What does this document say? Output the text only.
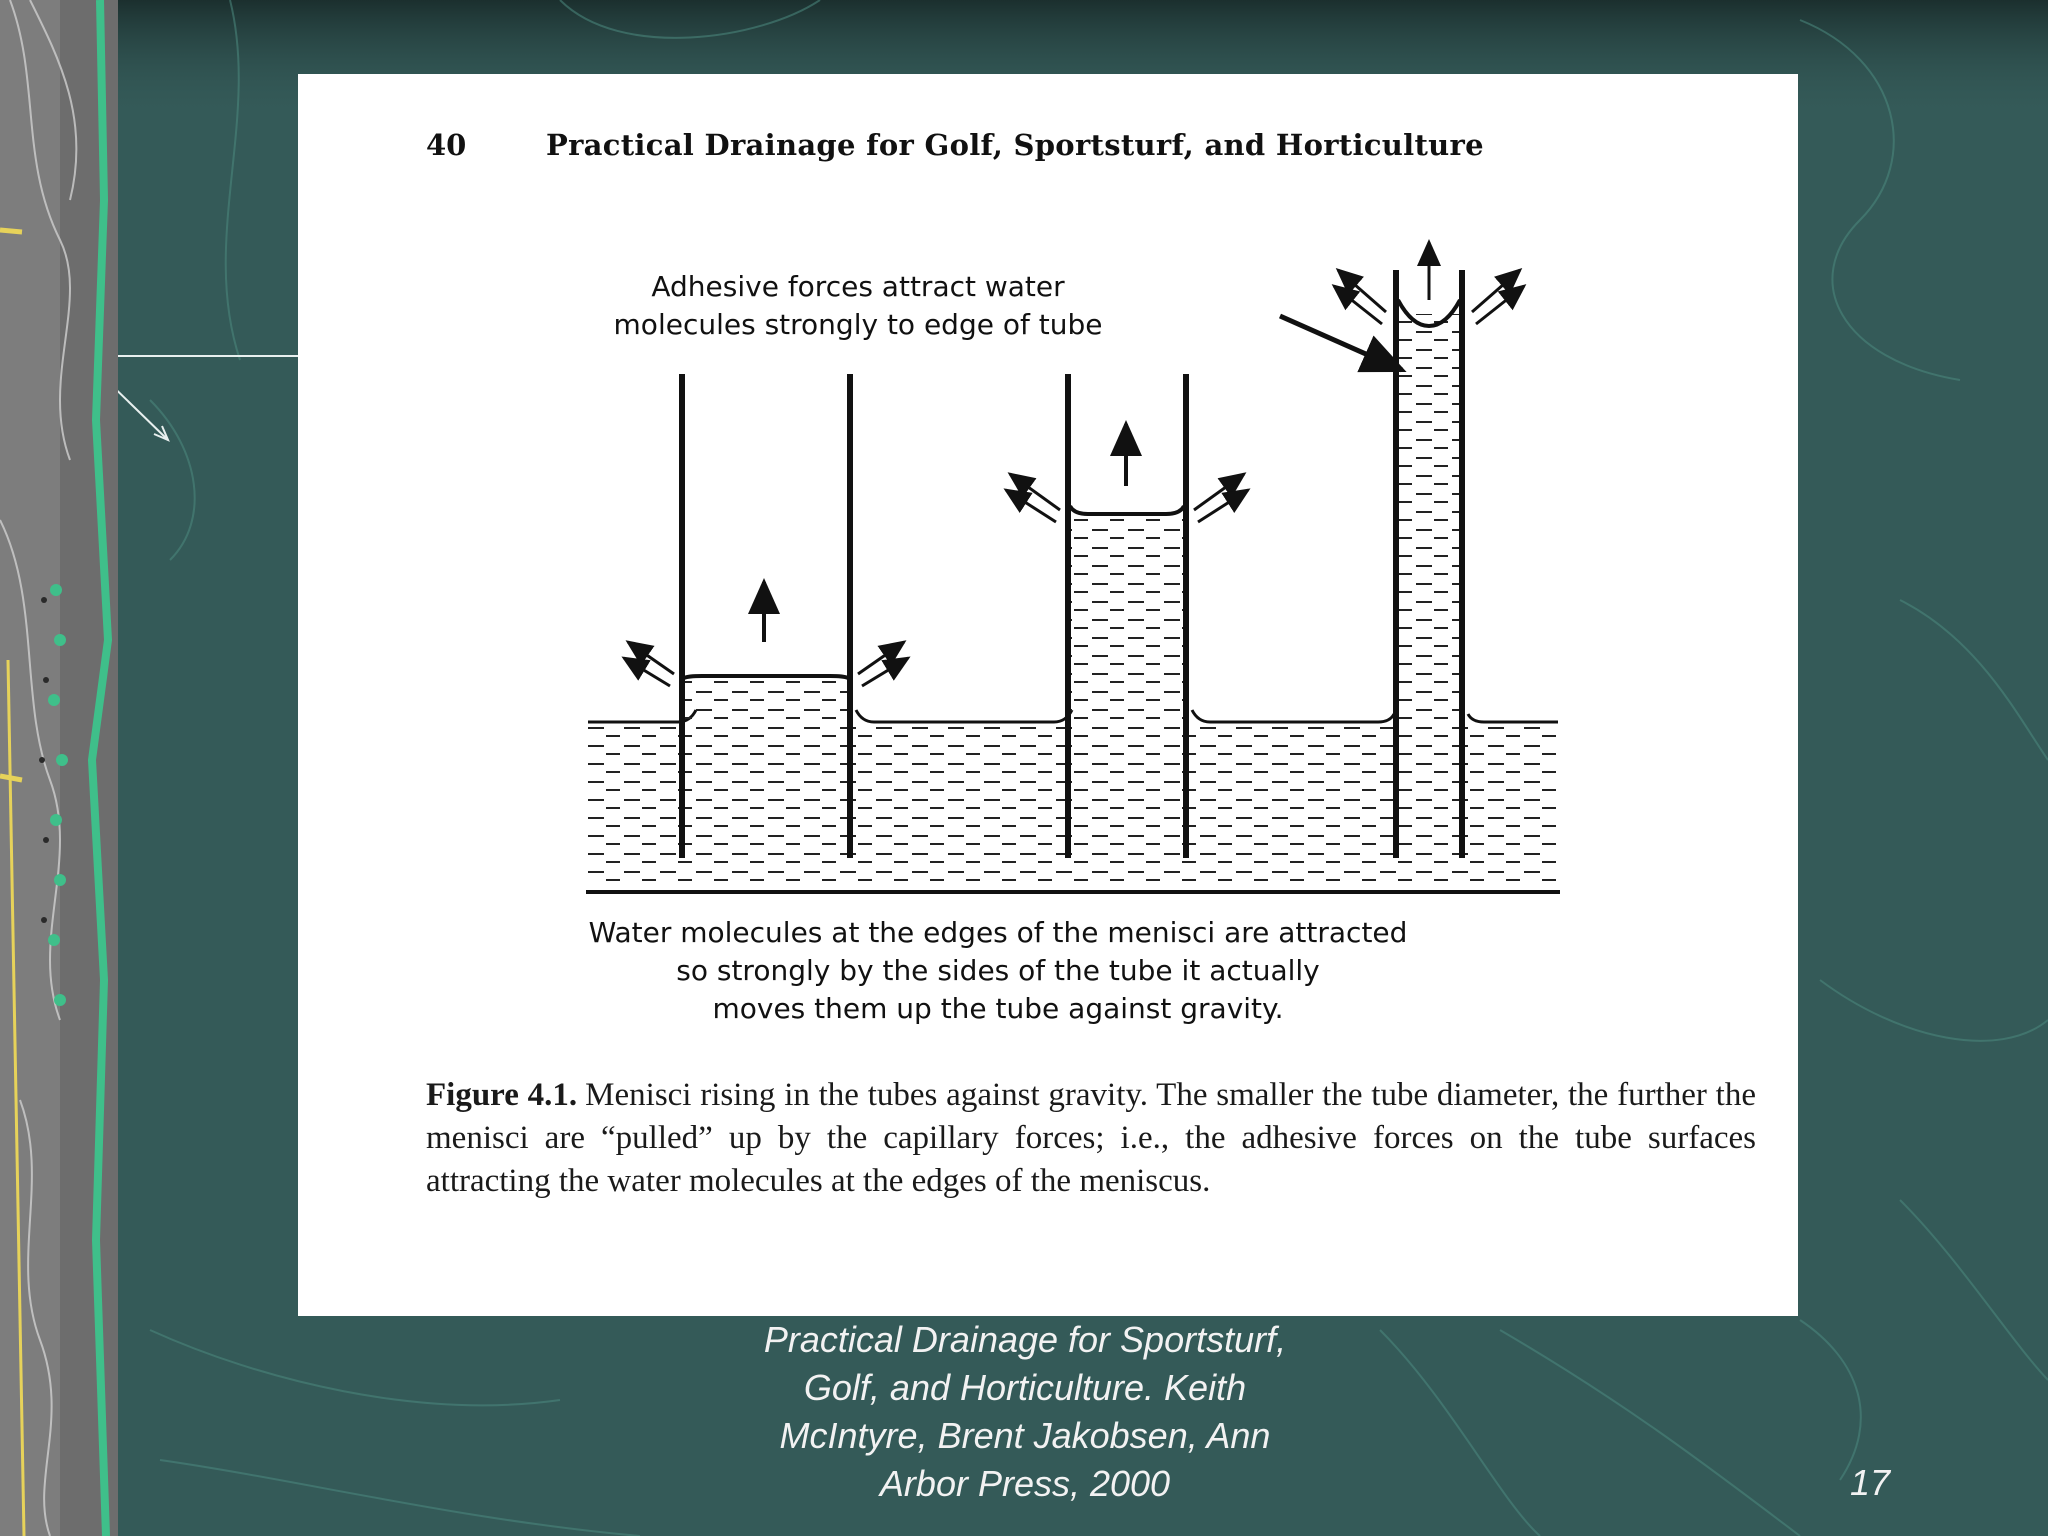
40	Practical Drainage for Golf, Sportsturf, and Horticulture
Adhesive forces attract water
molecules strongly to edge of tube
Water molecules at the edges of the menisci are attracted
so strongly by the sides of the tube it actually
moves them up the tube against gravity.
Figure 4.1. Menisci rising in the tubes against gravity. The smaller the tube diameter, the further the menisci are “pulled” up by the capillary forces; i.e., the adhesive forces on the tube surfaces attracting the water molecules at the edges of the meniscus.
Practical Drainage for Sportsturf,
Golf, and Horticulture. Keith
McIntyre, Brent Jakobsen, Ann
Arbor Press, 2000	17
